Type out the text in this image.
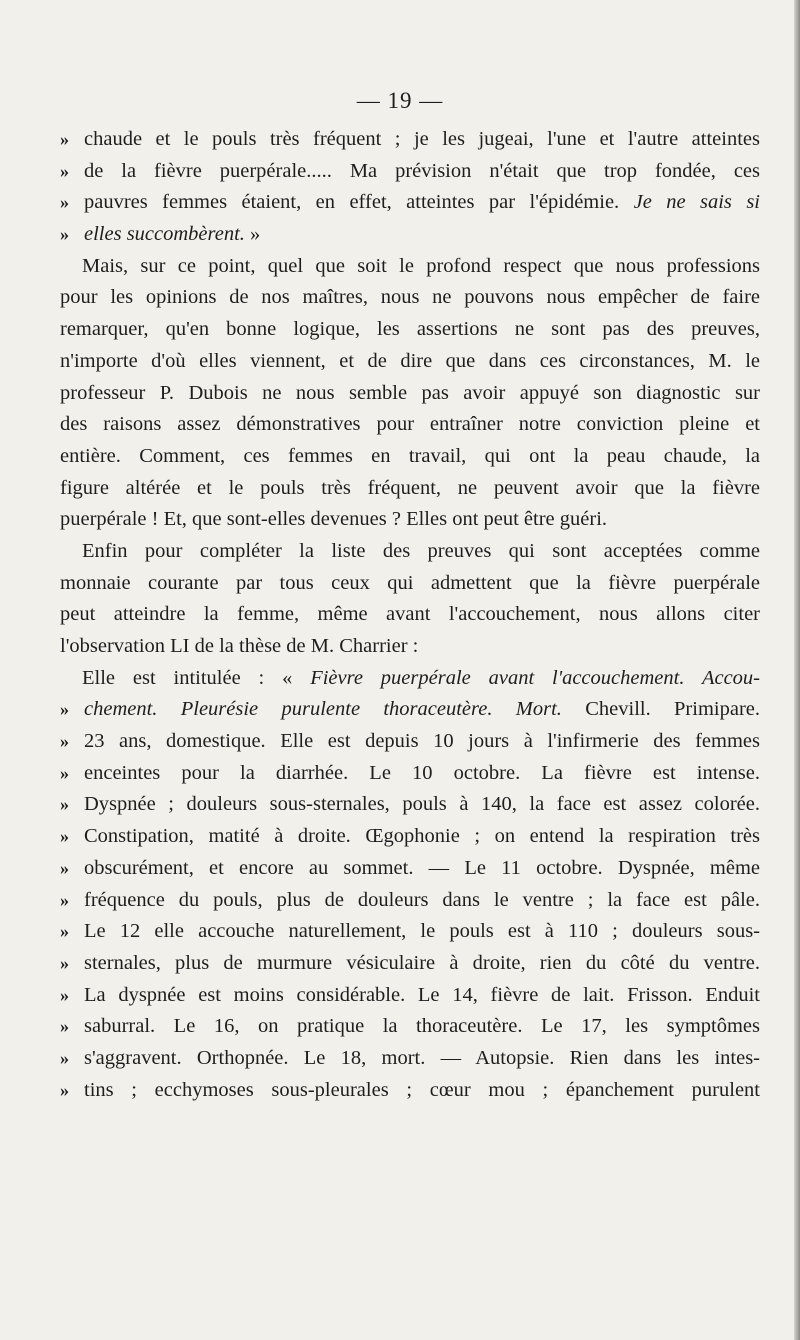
— 19 —
» chaude et le pouls très fréquent ; je les jugeai, l'une et l'autre atteintes
» de la fièvre puerpérale..... Ma prévision n'était que trop fondée, ces
» pauvres femmes étaient, en effet, atteintes par l'épidémie. Je ne sais si
» elles succombèrent. »
Mais, sur ce point, quel que soit le profond respect que nous professions
pour les opinions de nos maîtres, nous ne pouvons nous empêcher de faire
remarquer, qu'en bonne logique, les assertions ne sont pas des preuves,
n'importe d'où elles viennent, et de dire que dans ces circonstances, M. le
professeur P. Dubois ne nous semble pas avoir appuyé son diagnostic sur
des raisons assez démonstratives pour entraîner notre conviction pleine et
entière. Comment, ces femmes en travail, qui ont la peau chaude, la
figure altérée et le pouls très fréquent, ne peuvent avoir que la fièvre
puerpérale ! Et, que sont-elles devenues ? Elles ont peut être guéri.
Enfin pour compléter la liste des preuves qui sont acceptées comme
monnaie courante par tous ceux qui admettent que la fièvre puerpérale
peut atteindre la femme, même avant l'accouchement, nous allons citer
l'observation LI de la thèse de M. Charrier :
Elle est intitulée : « Fièvre puerpérale avant l'accouchement. Accou-
» chement. Pleurésie purulente thoraceutère. Mort. Chevill. Primipare.
» 23 ans, domestique. Elle est depuis 10 jours à l'infirmerie des femmes
» enceintes pour la diarrhée. Le 10 octobre. La fièvre est intense.
» Dyspnée ; douleurs sous-sternales, pouls à 140, la face est assez colorée.
» Constipation, matité à droite. Œgophonie ; on entend la respiration très
» obscurément, et encore au sommet. — Le 11 octobre. Dyspnée, même
» fréquence du pouls, plus de douleurs dans le ventre ; la face est pâle.
» Le 12 elle accouche naturellement, le pouls est à 110 ; douleurs sous-
» sternales, plus de murmure vésiculaire à droite, rien du côté du ventre.
» La dyspnée est moins considérable. Le 14, fièvre de lait. Frisson. Enduit
» saburral. Le 16, on pratique la thoraceutère. Le 17, les symptômes
» s'aggravent. Orthopnée. Le 18, mort. — Autopsie. Rien dans les intes-
» tins ; ecchymoses sous-pleurales ; cœur mou ; épanchement purulent
